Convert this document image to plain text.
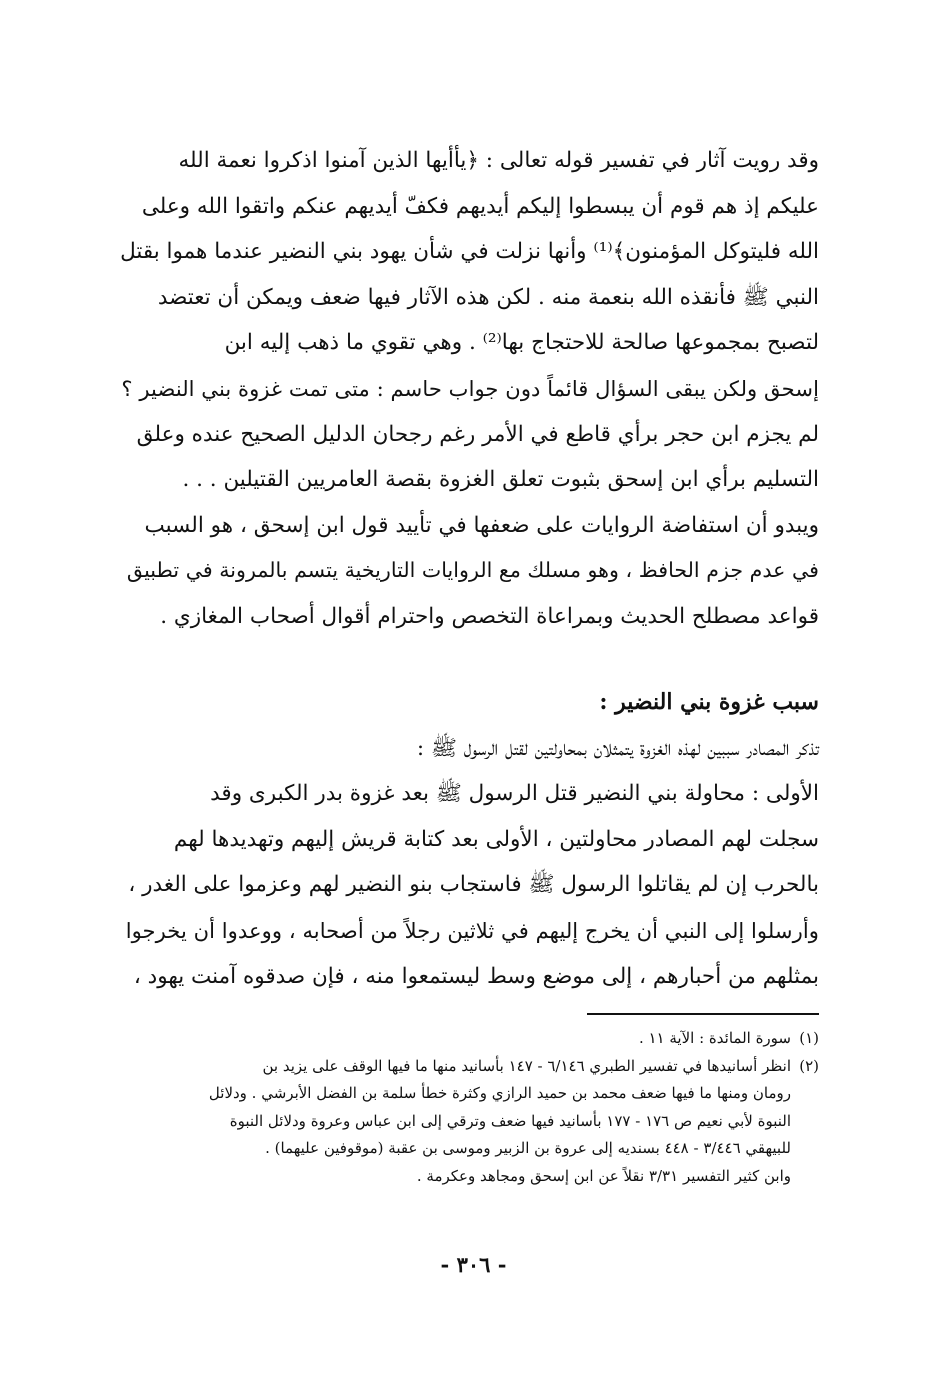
وقد رويت آثار في تفسير قوله تعالى : ﴿يأأيها الذين آمنوا اذكروا نعمة الله
عليكم إذ هم قوم أن يبسطوا إليكم أيديهم فكفّ أيديهم عنكم واتقوا الله وعلى
الله فليتوكل المؤمنون﴾⁽¹⁾ وأنها نزلت في شأن يهود بني النضير عندما هموا بقتل
النبي ﷺ فأنقذه الله بنعمة منه . لكن هذه الآثار فيها ضعف ويمكن أن تعتضد
لتصبح بمجموعها صالحة للاحتجاج بها⁽²⁾ . وهي تقوي ما ذهب إليه ابن
إسحق ولكن يبقى السؤال قائماً دون جواب حاسم : متى تمت غزوة بني النضير ؟
لم يجزم ابن حجر برأي قاطع في الأمر رغم رجحان الدليل الصحيح عنده وعلق
التسليم برأي ابن إسحق بثبوت تعلق الغزوة بقصة العامريين القتيلين . . .
ويبدو أن استفاضة الروايات على ضعفها في تأييد قول ابن إسحق ، هو السبب
في عدم جزم الحافظ ، وهو مسلك مع الروايات التاريخية يتسم بالمرونة في تطبيق
قواعد مصطلح الحديث وبمراعاة التخصص واحترام أقوال أصحاب المغازي .

سبب غزوة بني النضير :

تذكر المصادر سببين لهذه الغزوة يتمثلان بمحاولتين لقتل الرسول ﷺ :
الأولى : محاولة بني النضير قتل الرسول ﷺ بعد غزوة بدر الكبرى وقد
سجلت لهم المصادر محاولتين ، الأولى بعد كتابة قريش إليهم وتهديدها لهم
بالحرب إن لم يقاتلوا الرسول ﷺ فاستجاب بنو النضير لهم وعزموا على الغدر ،
وأرسلوا إلى النبي أن يخرج إليهم في ثلاثين رجلاً من أصحابه ، ووعدوا أن يخرجوا
بمثلهم من أحبارهم ، إلى موضع وسط ليستمعوا منه ، فإن صدقوه آمنت يهود ،

(١)سورة المائدة : الآية ١١ .
(٢)انظر أسانيدها في تفسير الطبري ٦/١٤٦ - ١٤٧ بأسانيد منها ما فيها الوقف على يزيد بن
رومان ومنها ما فيها ضعف محمد بن حميد الرازي وكثرة خطأ سلمة بن الفضل الأبرشي . ودلائل
النبوة لأبي نعيم ص ١٧٦ - ١٧٧ بأسانيد فيها ضعف وترقي إلى ابن عباس وعروة ودلائل النبوة
للبيهقي ٣/٤٤٦ - ٤٤٨ بسنديه إلى عروة بن الزبير وموسى بن عقبة (موقوفين عليهما) .
وابن كثير التفسير ٣/٣١ نقلاً عن ابن إسحق ومجاهد وعكرمة .
- ٣٠٦ -
